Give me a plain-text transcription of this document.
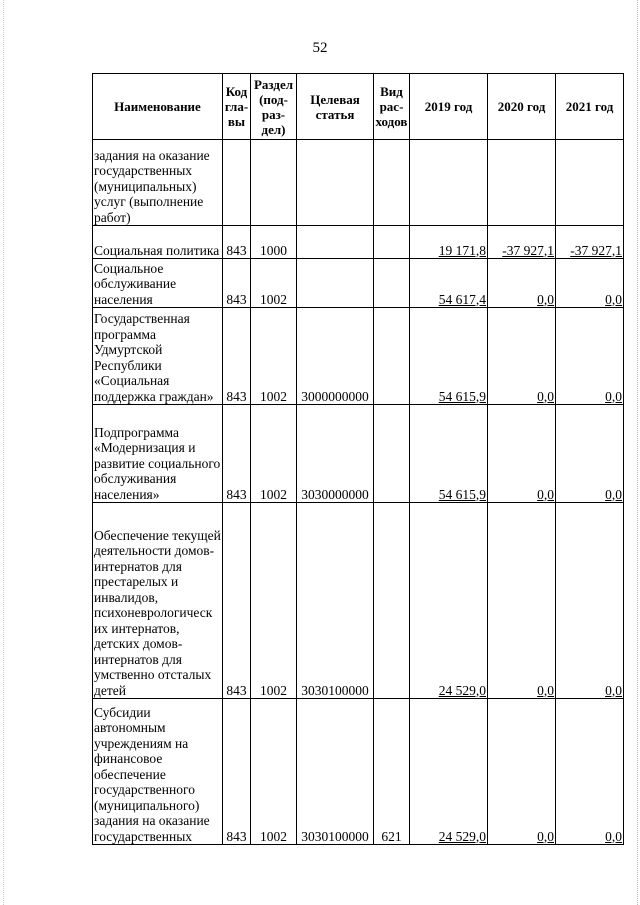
52
Наименование	Код гла- вы	Раздел (под- раз- дел)	Целевая статья	Вид рас- ходов	2019 год	2020 год	2021 год
задания на оказание государственных (муниципальных) услуг (выполнение работ)							
Социальная политика	843	1000			19 171,8	-37 927,1	-37 927,1
Социальное обслуживание населения	843	1002			54 617,4	0,0	0,0
Государственная программа Удмуртской Республики «Социальная поддержка граждан»	843	1002	3000000000		54 615,9	0,0	0,0
Подпрограмма «Модернизация и развитие социального обслуживания населения»	843	1002	3030000000		54 615,9	0,0	0,0
Обеспечение текущей деятельности домов-интернатов для престарелых и инвалидов, психоневрологическ их интернатов, детских домов-интернатов для умственно отсталых детей	843	1002	3030100000		24 529,0	0,0	0,0
Субсидии автономным учреждениям на финансовое обеспечение государственного (муниципального) задания на оказание государственных	843	1002	3030100000	621	24 529,0	0,0	0,0
